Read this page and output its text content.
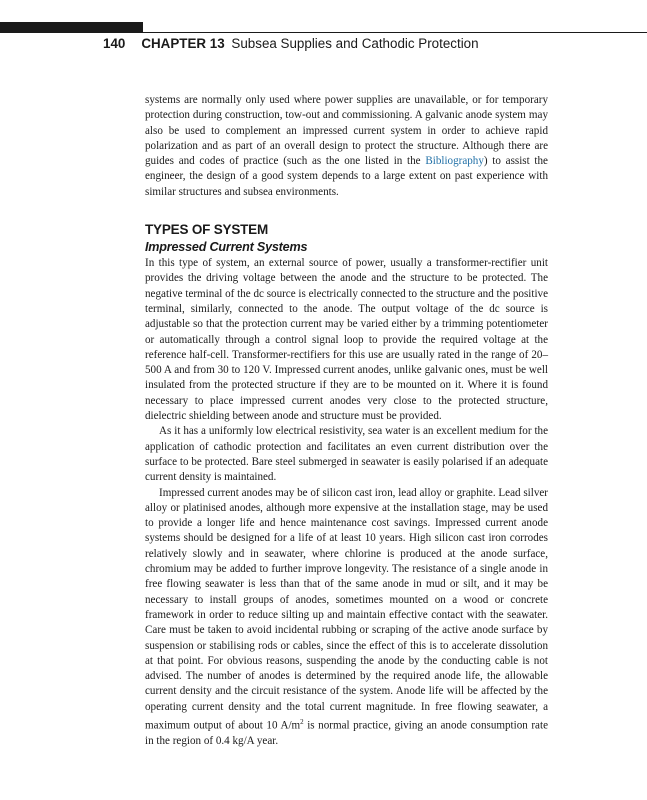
140 CHAPTER 13 Subsea Supplies and Cathodic Protection

systems are normally only used where power supplies are unavailable, or for temporary protection during construction, tow-out and commissioning. A galvanic anode system may also be used to complement an impressed current system in order to achieve rapid polarization and as part of an overall design to protect the structure. Although there are guides and codes of practice (such as the one listed in the Bibliography) to assist the engineer, the design of a good system depends to a large extent on past experience with similar structures and subsea environments.

TYPES OF SYSTEM
Impressed Current Systems

In this type of system, an external source of power, usually a transformer-rectifier unit provides the driving voltage between the anode and the structure to be protected. The negative terminal of the dc source is electrically connected to the structure and the positive terminal, similarly, connected to the anode. The output voltage of the dc source is adjustable so that the protection current may be varied either by a trimming potentiometer or automatically through a control signal loop to provide the required voltage at the reference half-cell. Transformer-rectifiers for this use are usually rated in the range of 20–500 A and from 30 to 120 V. Impressed current anodes, unlike galvanic ones, must be well insulated from the protected structure if they are to be mounted on it. Where it is found necessary to place impressed current anodes very close to the protected structure, dielectric shielding between anode and structure must be provided.

As it has a uniformly low electrical resistivity, sea water is an excellent medium for the application of cathodic protection and facilitates an even current distribution over the surface to be protected. Bare steel submerged in seawater is easily polarised if an adequate current density is maintained.

Impressed current anodes may be of silicon cast iron, lead alloy or graphite. Lead silver alloy or platinised anodes, although more expensive at the installation stage, may be used to provide a longer life and hence maintenance cost savings. Impressed current anode systems should be designed for a life of at least 10 years. High silicon cast iron corrodes relatively slowly and in seawater, where chlorine is produced at the anode surface, chromium may be added to further improve longevity. The resistance of a single anode in free flowing seawater is less than that of the same anode in mud or silt, and it may be necessary to install groups of anodes, sometimes mounted on a wood or concrete framework in order to reduce silting up and maintain effective contact with the seawater. Care must be taken to avoid incidental rubbing or scraping of the active anode surface by suspension or stabilising rods or cables, since the effect of this is to accelerate dissolution at that point. For obvious reasons, suspending the anode by the conducting cable is not advised. The number of anodes is determined by the required anode life, the allowable current density and the circuit resistance of the system. Anode life will be affected by the operating current density and the total current magnitude. In free flowing seawater, a maximum output of about 10 $A/m^2$ is normal practice, giving an anode consumption rate in the region of 0.4 kg/A year.
